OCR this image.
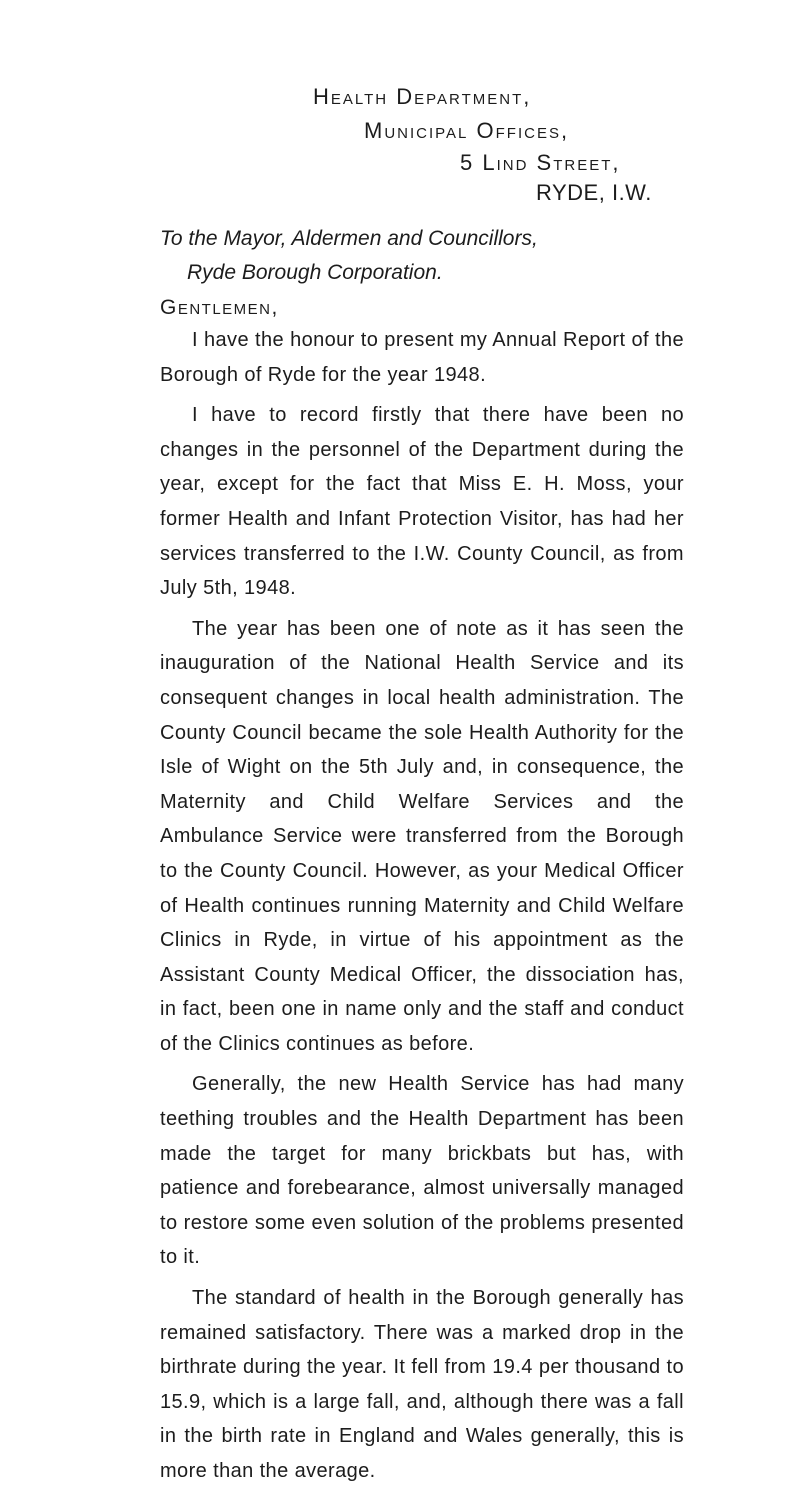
Health Department,
Municipal Offices,
5 Lind Street,
RYDE, I.W.
To the Mayor, Aldermen and Councillors,
Ryde Borough Corporation.
Gentlemen,

I have the honour to present my Annual Report of the Borough of Ryde for the year 1948.

I have to record firstly that there have been no changes in the personnel of the Department during the year, except for the fact that Miss E. H. Moss, your former Health and Infant Protection Visitor, has had her services transferred to the I.W. County Council, as from July 5th, 1948.

The year has been one of note as it has seen the inauguration of the National Health Service and its consequent changes in local health administration. The County Council became the sole Health Authority for the Isle of Wight on the 5th July and, in consequence, the Maternity and Child Welfare Services and the Ambulance Service were transferred from the Borough to the County Council. However, as your Medical Officer of Health continues running Maternity and Child Welfare Clinics in Ryde, in virtue of his appointment as the Assistant County Medical Officer, the dissociation has, in fact, been one in name only and the staff and conduct of the Clinics continues as before.

Generally, the new Health Service has had many teething troubles and the Health Department has been made the target for many brickbats but has, with patience and forebearance, almost universally managed to restore some even solution of the problems presented to it.

The standard of health in the Borough generally has remained satisfactory. There was a marked drop in the birthrate during the year. It fell from 19.4 per thousand to 15.9, which is a large fall, and, although there was a fall in the birth rate in England and Wales generally, this is more than the average.
